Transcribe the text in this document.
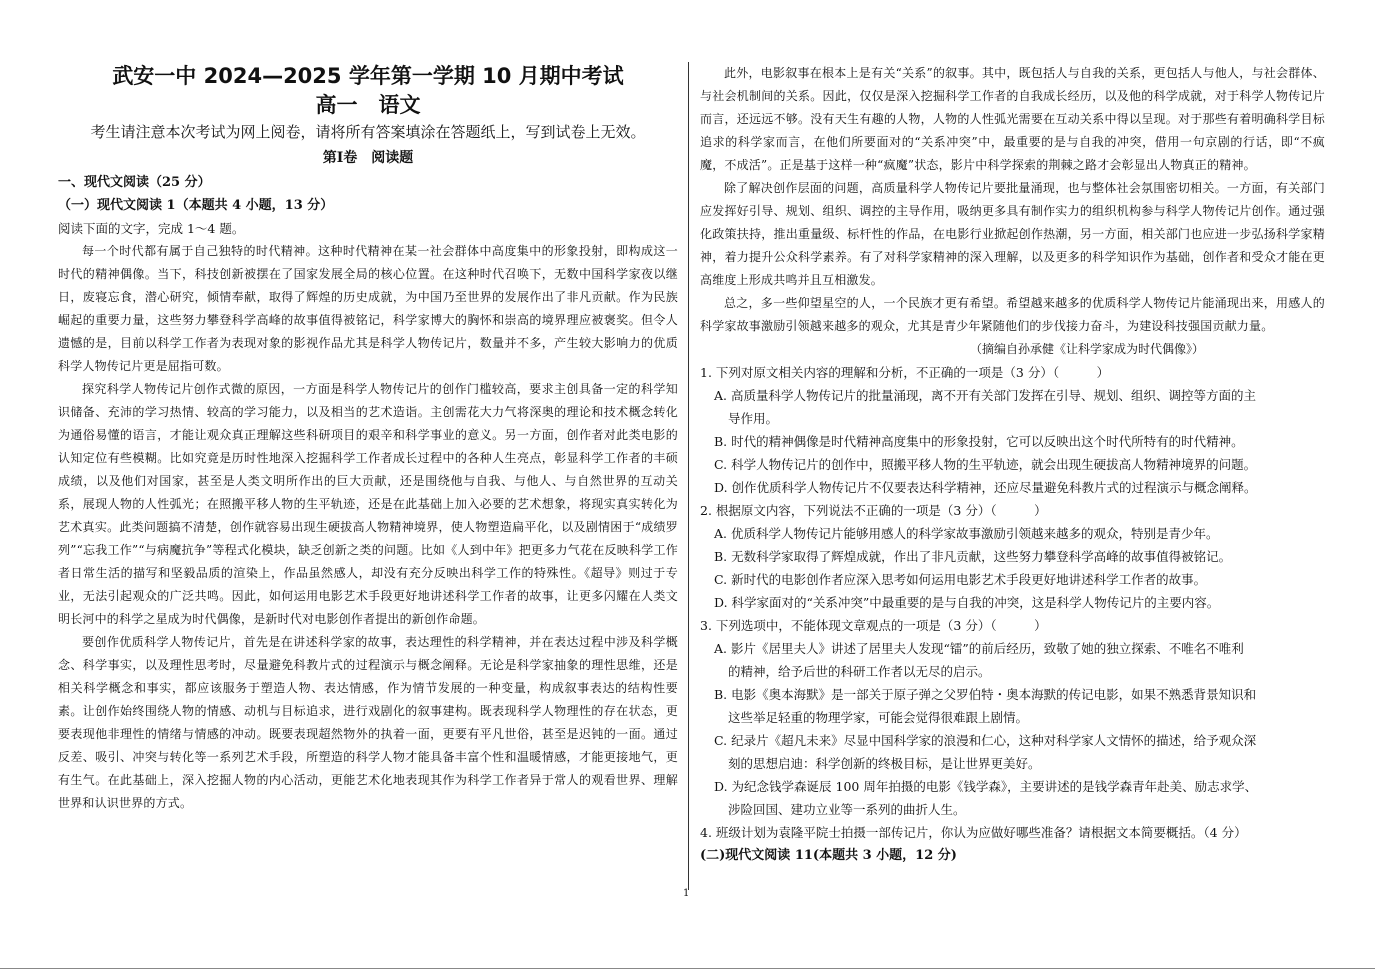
武安一中 2024—2025 学年第一学期 10 月期中考试

高一　语文

考生请注意本次考试为网上阅卷，请将所有答案填涂在答题纸上，写到试卷上无效。

第Ⅰ卷　阅读题

一、现代文阅读（25 分）

（一）现代文阅读 1（本题共 4 小题，13 分）

阅读下面的文字，完成 1～4 题。

每一个时代都有属于自己独特的时代精神。这种时代精神在某一社会群体中高度集中的形象投射，即构成这一时代的精神偶像。当下，科技创新被摆在了国家发展全局的核心位置。在这种时代召唤下，无数中国科学家夜以继日，废寝忘食，潜心研究，倾情奉献，取得了辉煌的历史成就，为中国乃至世界的发展作出了非凡贡献。作为民族崛起的重要力量，这些努力攀登科学高峰的故事值得被铭记，科学家博大的胸怀和崇高的境界理应被褒奖。但令人遗憾的是，目前以科学工作者为表现对象的影视作品尤其是科学人物传记片，数量并不多，产生较大影响力的优质科学人物传记片更是屈指可数。

探究科学人物传记片创作式微的原因，一方面是科学人物传记片的创作门槛较高，要求主创具备一定的科学知识储备、充沛的学习热情、较高的学习能力，以及相当的艺术造诣。主创需花大力气将深奥的理论和技术概念转化为通俗易懂的语言，才能让观众真正理解这些科研项目的艰辛和科学事业的意义。另一方面，创作者对此类电影的认知定位有些模糊。比如究竟是历时性地深入挖掘科学工作者成长过程中的各种人生亮点，彰显科学工作者的丰硕成绩，以及他们对国家，甚至是人类文明所作出的巨大贡献，还是围绕他与自我、与他人、与自然世界的互动关系，展现人物的人性弧光；在照搬平移人物的生平轨迹，还是在此基础上加入必要的艺术想象，将现实真实转化为艺术真实。此类问题搞不清楚，创作就容易出现生硬拔高人物精神境界，使人物塑造扁平化，以及剧情困于“成绩罗列”“忘我工作”“与病魔抗争”等程式化模块，缺乏创新之类的问题。比如《人到中年》把更多力气花在反映科学工作者日常生活的描写和坚毅品质的渲染上，作品虽然感人，却没有充分反映出科学工作的特殊性。《超导》则过于专业，无法引起观众的广泛共鸣。因此，如何运用电影艺术手段更好地讲述科学工作者的故事，让更多闪耀在人类文明长河中的科学之星成为时代偶像，是新时代对电影创作者提出的新创作命题。

要创作优质科学人物传记片，首先是在讲述科学家的故事，表达理性的科学精神，并在表达过程中涉及科学概念、科学事实，以及理性思考时，尽量避免科教片式的过程演示与概念阐释。无论是科学家抽象的理性思维，还是相关科学概念和事实，都应该服务于塑造人物、表达情感，作为情节发展的一种变量，构成叙事表达的结构性要素。让创作始终围绕人物的情感、动机与目标追求，进行戏剧化的叙事建构。既表现科学人物理性的存在状态，更要表现他非理性的情绪与情感的冲动。既要表现超然物外的执着一面，更要有平凡世俗，甚至是迟钝的一面。通过反差、吸引、冲突与转化等一系列艺术手段，所塑造的科学人物才能具备丰富个性和温暖情感，才能更接地气，更有生气。在此基础上，深入挖掘人物的内心活动，更能艺术化地表现其作为科学工作者异于常人的观看世界、理解世界和认识世界的方式。

此外，电影叙事在根本上是有关“关系”的叙事。其中，既包括人与自我的关系，更包括人与他人，与社会群体、与社会机制间的关系。因此，仅仅是深入挖掘科学工作者的自我成长经历，以及他的科学成就，对于科学人物传记片而言，还远远不够。没有天生有趣的人物，人物的人性弧光需要在互动关系中得以呈现。对于那些有着明确科学目标追求的科学家而言，在他们所要面对的“关系冲突”中，最重要的是与自我的冲突，借用一句京剧的行话，即“不疯魔，不成活”。正是基于这样一种“疯魔”状态，影片中科学探索的荆棘之路才会彰显出人物真正的精神。

除了解决创作层面的问题，高质量科学人物传记片要批量涌现，也与整体社会氛围密切相关。一方面，有关部门应发挥好引导、规划、组织、调控的主导作用，吸纳更多具有制作实力的组织机构参与科学人物传记片创作。通过强化政策扶持，推出重量级、标杆性的作品，在电影行业掀起创作热潮，另一方面，相关部门也应进一步弘扬科学家精神，着力提升公众科学素养。有了对科学家精神的深入理解，以及更多的科学知识作为基础，创作者和受众才能在更高维度上形成共鸣并且互相激发。

总之，多一些仰望星空的人，一个民族才更有希望。希望越来越多的优质科学人物传记片能涌现出来，用感人的科学家故事激励引领越来越多的观众，尤其是青少年紧随他们的步伐接力奋斗，为建设科技强国贡献力量。

（摘编自孙承健《让科学家成为时代偶像》）

1. 下列对原文相关内容的理解和分析，不正确的一项是（3 分）（　　　）

A. 高质量科学人物传记片的批量涌现，离不开有关部门发挥在引导、规划、组织、调控等方面的主
导作用。

B. 时代的精神偶像是时代精神高度集中的形象投射，它可以反映出这个时代所特有的时代精神。

C. 科学人物传记片的创作中，照搬平移人物的生平轨迹，就会出现生硬拔高人物精神境界的问题。

D. 创作优质科学人物传记片不仅要表达科学精神，还应尽量避免科教片式的过程演示与概念阐释。

2. 根据原文内容，下列说法不正确的一项是（3 分）（　　　）

A. 优质科学人物传记片能够用感人的科学家故事激励引领越来越多的观众，特别是青少年。

B. 无数科学家取得了辉煌成就，作出了非凡贡献，这些努力攀登科学高峰的故事值得被铭记。

C. 新时代的电影创作者应深入思考如何运用电影艺术手段更好地讲述科学工作者的故事。

D. 科学家面对的“关系冲突”中最重要的是与自我的冲突，这是科学人物传记片的主要内容。

3. 下列选项中，不能体现文章观点的一项是（3 分）（　　　）

A. 影片《居里夫人》讲述了居里夫人发现“镭”的前后经历，致敬了她的独立探索、不唯名不唯利
的精神，给予后世的科研工作者以无尽的启示。

B. 电影《奥本海默》是一部关于原子弹之父罗伯特・奥本海默的传记电影，如果不熟悉背景知识和
这些举足轻重的物理学家，可能会觉得很难跟上剧情。

C. 纪录片《超凡未来》尽显中国科学家的浪漫和仁心，这种对科学家人文情怀的描述，给予观众深
刻的思想启迪：科学创新的终极目标，是让世界更美好。

D. 为纪念钱学森诞辰 100 周年拍摄的电影《钱学森》，主要讲述的是钱学森青年赴美、励志求学、
涉险回国、建功立业等一系列的曲折人生。

4. 班级计划为袁隆平院士拍摄一部传记片，你认为应做好哪些准备？请根据文本简要概括。（4 分）

(二)现代文阅读 11(本题共 3 小题，12 分)

1
